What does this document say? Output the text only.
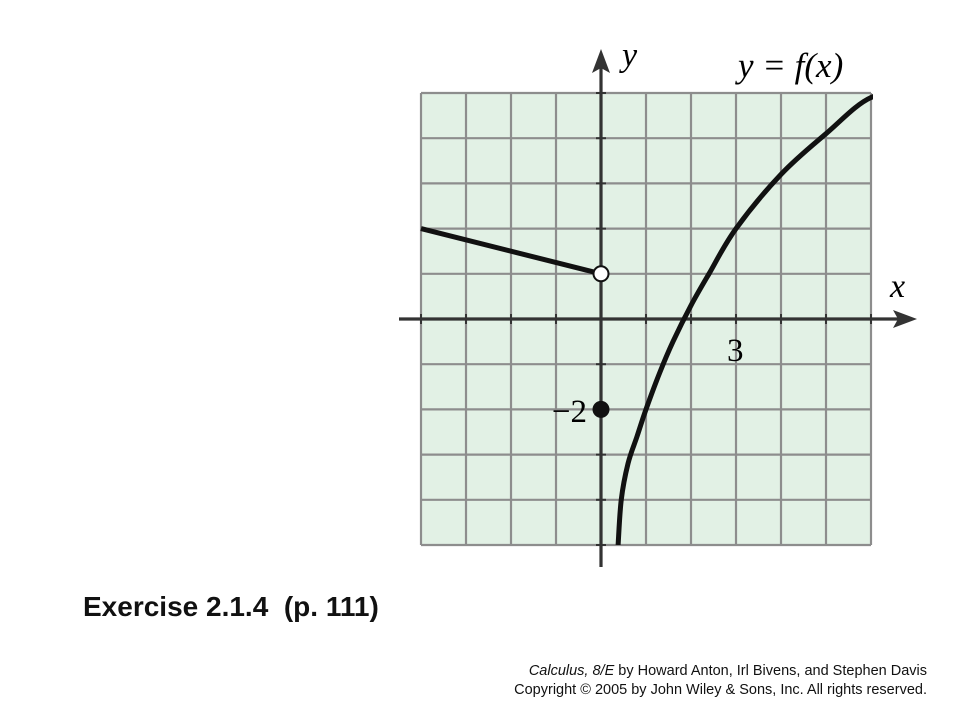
y
x
y = f(x)
3
−2
Exercise 2.1.4  (p. 111)
Calculus, 8/E by Howard Anton, Irl Bivens, and Stephen Davis
Copyright © 2005 by John Wiley & Sons, Inc. All rights reserved.
